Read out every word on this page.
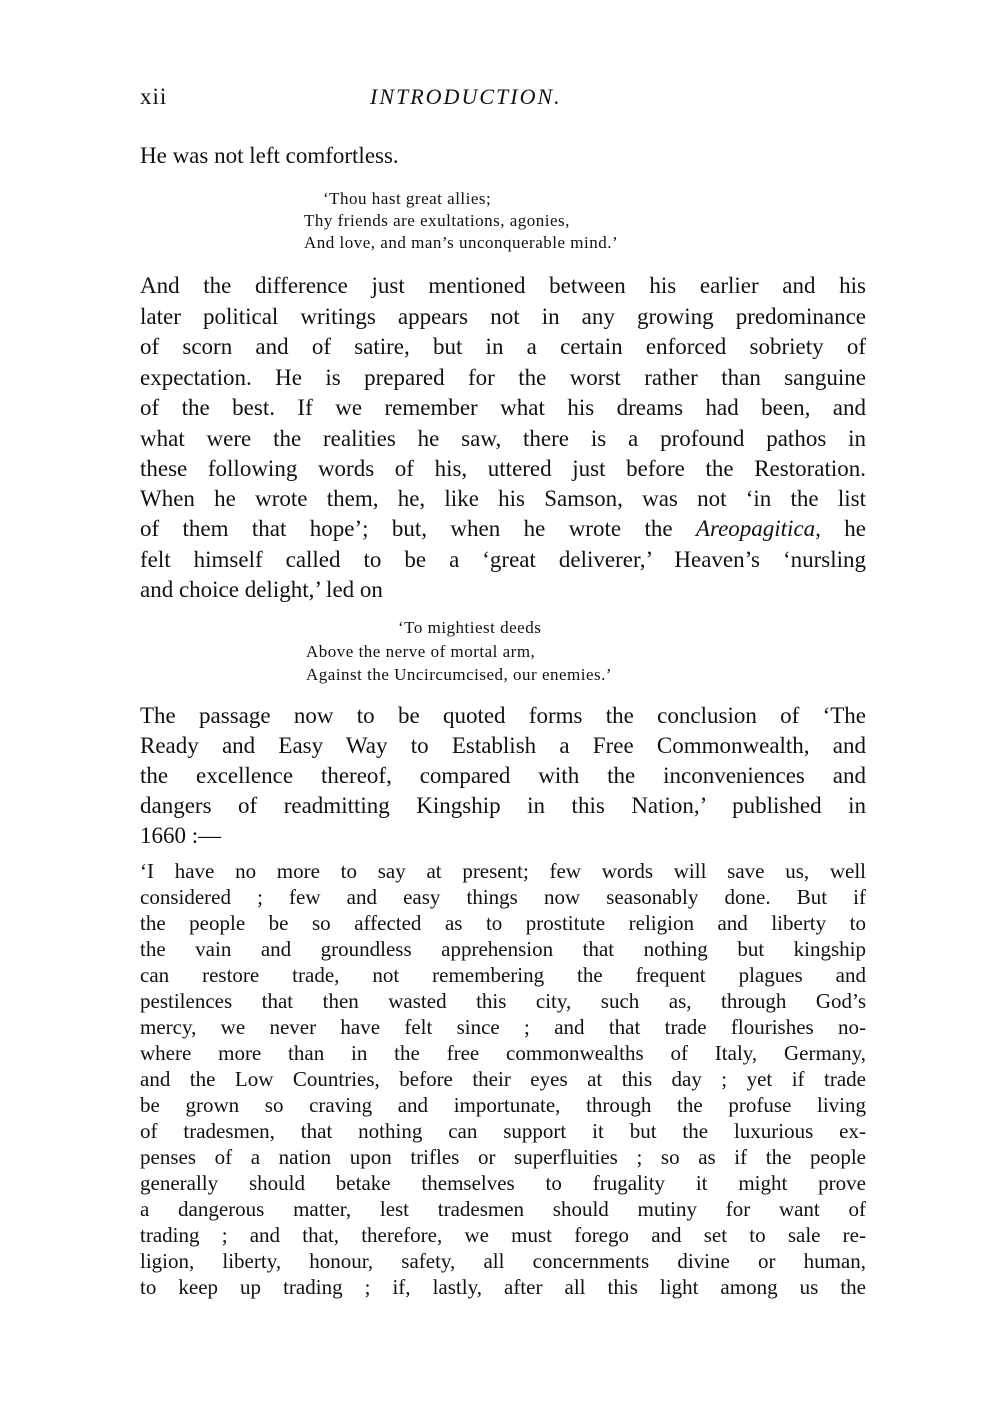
xii	INTRODUCTION.
He was not left comfortless.
‘Thou hast great allies;
Thy friends are exultations, agonies,
And love, and man’s unconquerable mind.’
And the difference just mentioned between his earlier and his
later political writings appears not in any growing predominance
of scorn and of satire, but in a certain enforced sobriety of
expectation. He is prepared for the worst rather than sanguine
of the best. If we remember what his dreams had been, and
what were the realities he saw, there is a profound pathos in
these following words of his, uttered just before the Restoration.
When he wrote them, he, like his Samson, was not ‘in the list
of them that hope’; but, when he wrote the Areopagitica, he
felt himself called to be a ‘great deliverer,’ Heaven’s ‘nursling
and choice delight,’ led on
‘To mightiest deeds
Above the nerve of mortal arm,
Against the Uncircumcised, our enemies.’
The passage now to be quoted forms the conclusion of ‘The
Ready and Easy Way to Establish a Free Commonwealth, and
the excellence thereof, compared with the inconveniences and
dangers of readmitting Kingship in this Nation,’ published in
1660 :—
‘I have no more to say at present; few words will save us, well
considered ; few and easy things now seasonably done. But if
the people be so affected as to prostitute religion and liberty to
the vain and groundless apprehension that nothing but kingship
can restore trade, not remembering the frequent plagues and
pestilences that then wasted this city, such as, through God’s
mercy, we never have felt since ; and that trade flourishes no-
where more than in the free commonwealths of Italy, Germany,
and the Low Countries, before their eyes at this day ; yet if trade
be grown so craving and importunate, through the profuse living
of tradesmen, that nothing can support it but the luxurious ex-
penses of a nation upon trifles or superfluities ; so as if the people
generally should betake themselves to frugality it might prove
a dangerous matter, lest tradesmen should mutiny for want of
trading ; and that, therefore, we must forego and set to sale re-
ligion, liberty, honour, safety, all concernments divine or human,
to keep up trading ; if, lastly, after all this light among us the
